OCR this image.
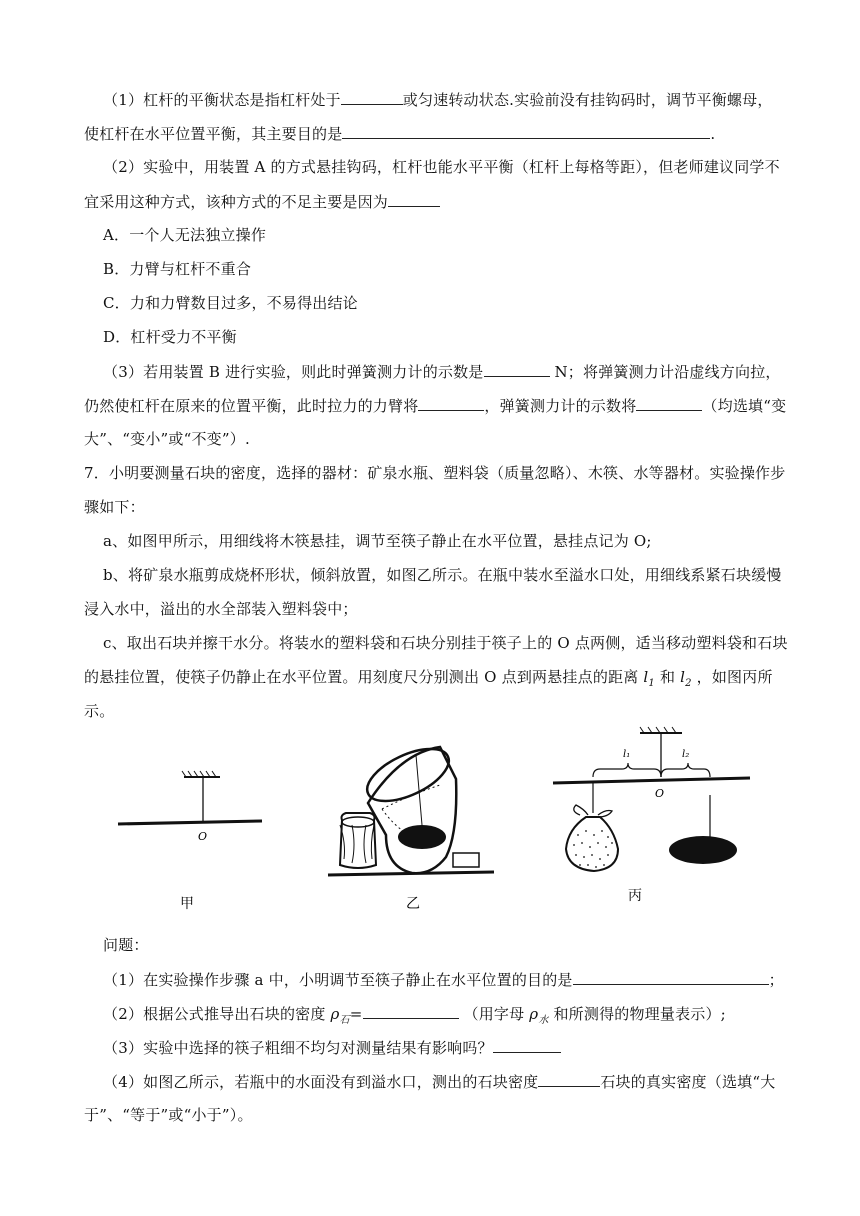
（1）杠杆的平衡状态是指杠杆处于	或匀速转动状态.实验前没有挂钩码时，调节平衡螺母，
使杠杆在水平位置平衡，其主要目的是	.
（2）实验中，用装置 A 的方式悬挂钩码，杠杆也能水平平衡（杠杆上每格等距），但老师建议同学不
宜采用这种方式，该种方式的不足主要是因为
A．一个人无法独立操作
B．力臂与杠杆不重合
C．力和力臂数目过多，不易得出结论
D．杠杆受力不平衡
（3）若用装置 B 进行实验，则此时弹簧测力计的示数是	N；将弹簧测力计沿虚线方向拉，
仍然使杠杆在原来的位置平衡，此时拉力的力臂将	，弹簧测力计的示数将	（均选填“变
大”、“变小”或“不变”）.
7．小明要测量石块的密度，选择的器材：矿泉水瓶、塑料袋（质量忽略）、木筷、水等器材。实验操作步
骤如下：
a、如图甲所示，用细线将木筷悬挂，调节至筷子静止在水平位置，悬挂点记为 O;
b、将矿泉水瓶剪成烧杯形状，倾斜放置，如图乙所示。在瓶中装水至溢水口处，用细线系紧石块缓慢
浸入水中，溢出的水全部装入塑料袋中；
c、取出石块并擦干水分。将装水的塑料袋和石块分别挂于筷子上的 O 点两侧，适当移动塑料袋和石块
的悬挂位置，使筷子仍静止在水平位置。用刻度尺分别测出 O 点到两悬挂点的距离 $l_1$ 和 $l_2$ ，如图丙所
示。
O
甲	乙
l₁	l₂
O
丙
问题：
（1）在实验操作步骤 a 中，小明调节至筷子静止在水平位置的目的是	；
（2）根据公式推导出石块的密度 $\rho_石=$	（用字母 $\rho_水$ 和所测得的物理量表示）;
（3）实验中选择的筷子粗细不均匀对测量结果有影响吗？
（4）如图乙所示，若瓶中的水面没有到溢水口，测出的石块密度	石块的真实密度（选填“大
于”、“等于”或“小于”）。
